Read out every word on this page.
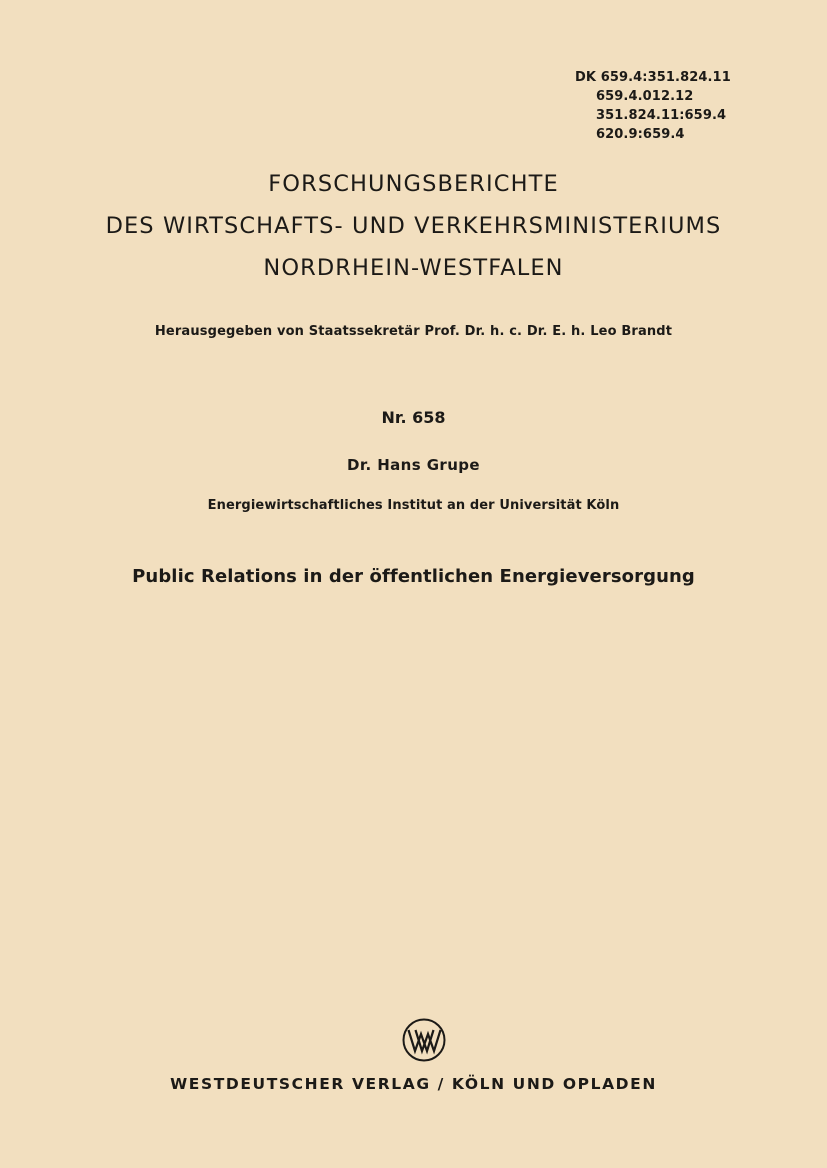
DK 659.4:351.824.11
659.4.012.12
351.824.11:659.4
620.9:659.4
FORSCHUNGSBERICHTE
DES WIRTSCHAFTS- UND VERKEHRSMINISTERIUMS
NORDRHEIN-WESTFALEN
Herausgegeben von Staatssekretär Prof. Dr. h. c. Dr. E. h. Leo Brandt
Nr. 658
Dr. Hans Grupe
Energiewirtschaftliches Institut an der Universität Köln
Public Relations in der öffentlichen Energieversorgung
WESTDEUTSCHER VERLAG / KÖLN UND OPLADEN
